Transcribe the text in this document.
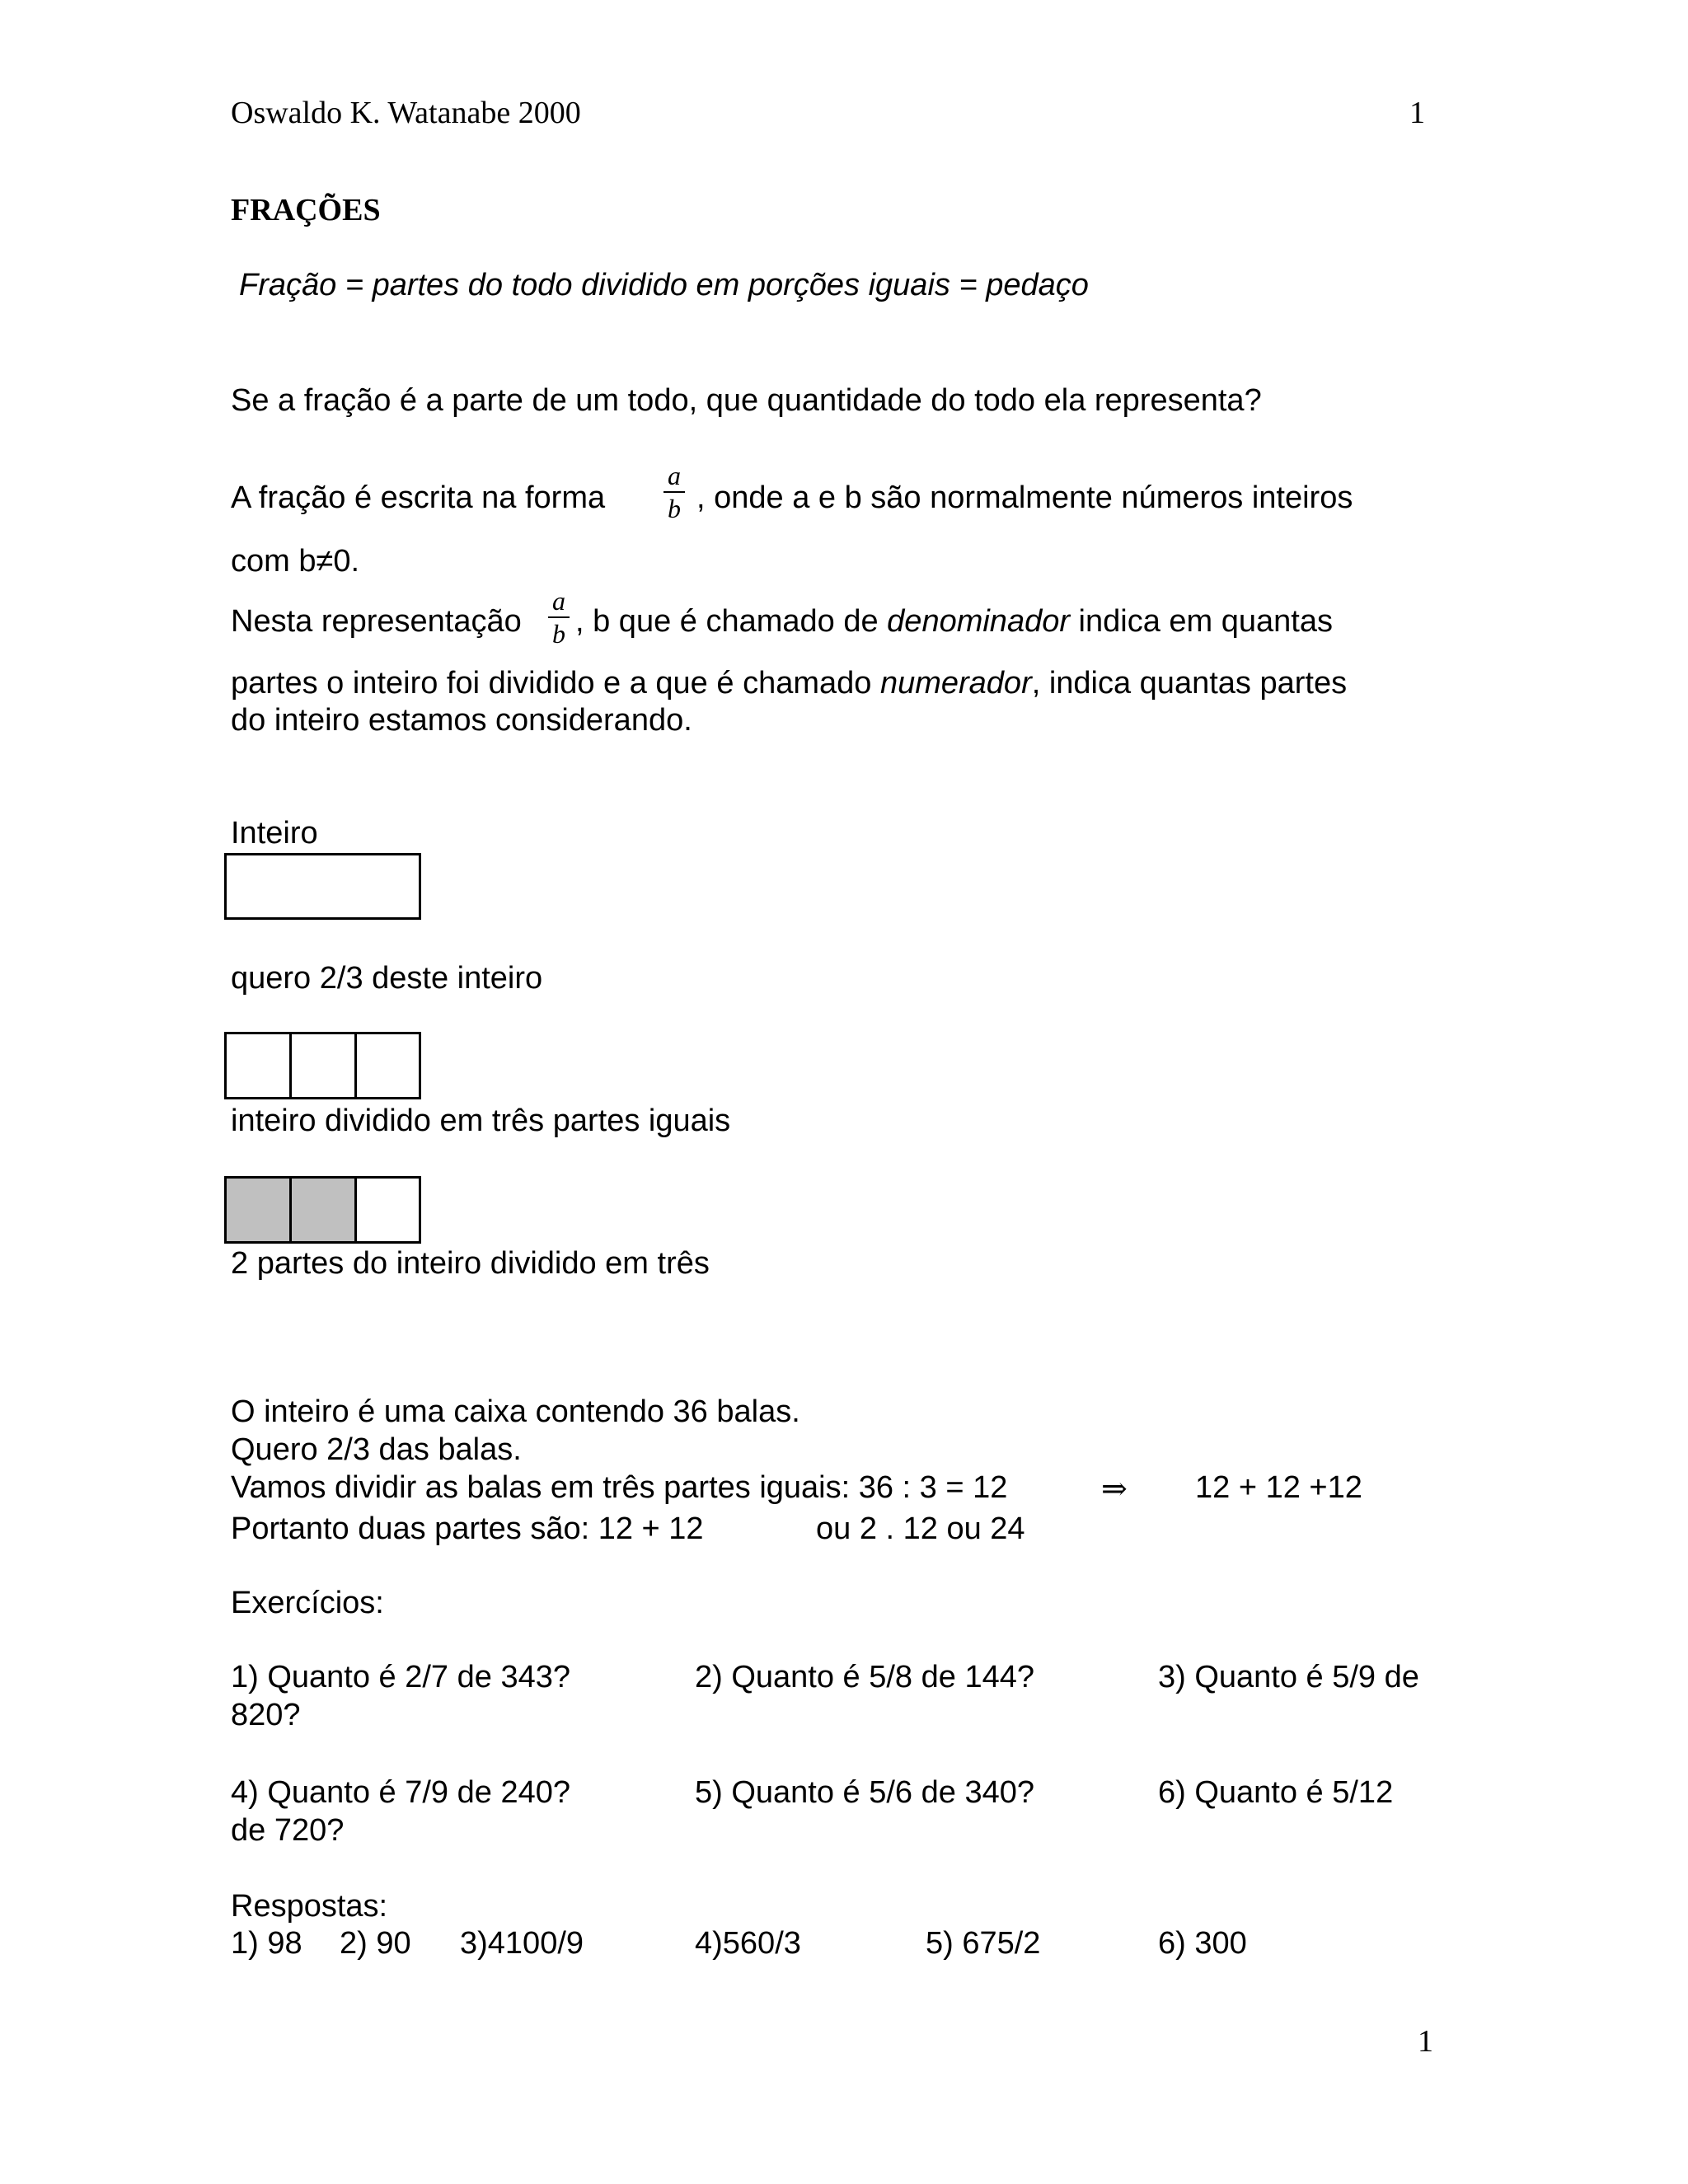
Oswaldo K. Watanabe 2000	1
FRAÇÕES
Fração = partes do todo dividido em porções iguais = pedaço
Se a fração é a parte de um todo, que quantidade do todo ela representa?
A fração é escrita na forma
a
b , onde a e b são normalmente números inteiros
com b≠0.
Nesta representação
a
b , b que é chamado de denominador indica em quantas
partes o inteiro foi dividido e a que é chamado numerador, indica quantas partes
do inteiro estamos considerando.
Inteiro
quero 2/3 deste inteiro
inteiro dividido em três partes iguais
2 partes do inteiro dividido em três
O inteiro é uma caixa contendo 36 balas.
Quero 2/3 das balas.
Vamos dividir as balas em três partes iguais: 36 : 3 = 12	⇒ 12 + 12 +12
Portanto duas partes são: 12 + 12	ou 2 . 12 ou 24
Exercícios:
1) Quanto é 2/7 de 343?	2) Quanto é 5/8 de 144?	3) Quanto é 5/9 de
820?
4) Quanto é 7/9 de 240?	5) Quanto é 5/6 de 340?	6) Quanto é 5/12
de 720?
Respostas:
1) 98 2) 90 3)4100/9	4)560/3	5) 675/2	6) 300
1
